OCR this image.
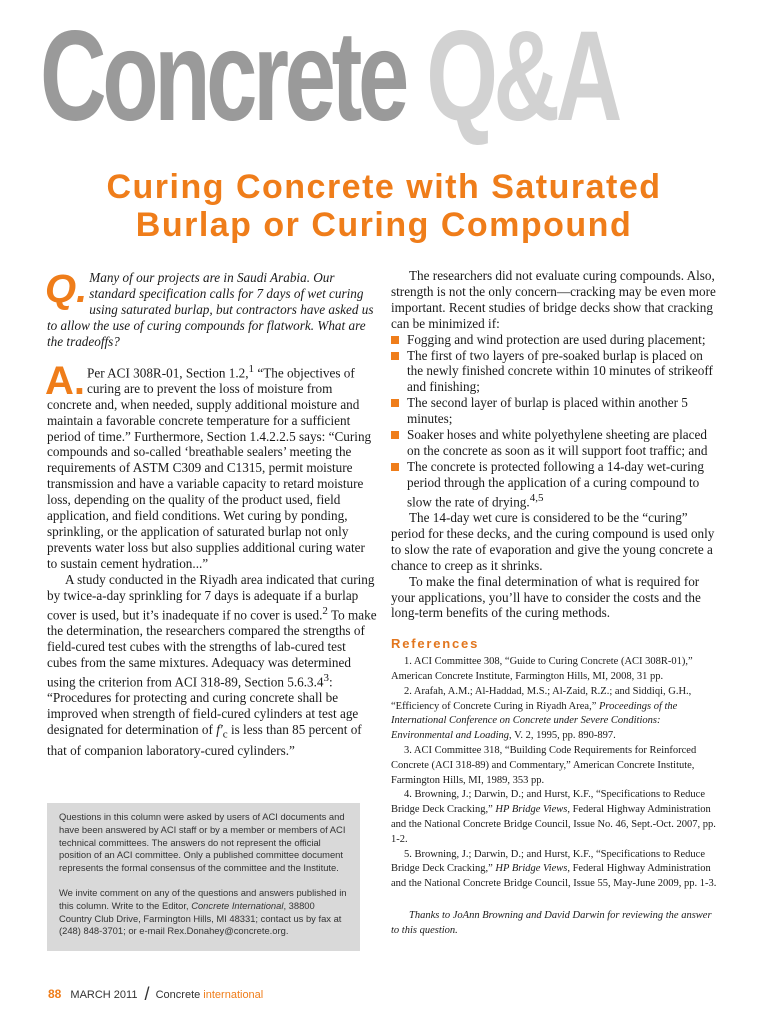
Concrete Q&A
Curing Concrete with Saturated
Burlap or Curing Compound

Q. Many of our projects are in Saudi Arabia. Our standard specification calls for 7 days of wet curing using saturated burlap, but contractors have asked us to allow the use of curing compounds for flatwork. What are the tradeoffs?

A. Per ACI 308R-01, Section 1.2,$^1$ “The objectives of curing are to prevent the loss of moisture from concrete and, when needed, supply additional moisture and maintain a favorable concrete temperature for a sufficient period of time.” Furthermore, Section 1.4.2.2.5 says: “Curing compounds and so-called ‘breathable sealers’ meeting the requirements of ASTM C309 and C1315, permit moisture transmission and have a variable capacity to retard moisture loss, depending on the quality of the product used, field application, and field conditions. Wet curing by ponding, sprinkling, or the application of saturated burlap not only prevents water loss but also supplies additional curing water to sustain cement hydration...”

A study conducted in the Riyadh area indicated that curing by twice-a-day sprinkling for 7 days is adequate if a burlap cover is used, but it’s inadequate if no cover is used.$^2$ To make the determination, the researchers compared the strengths of field-cured test cubes with the strengths of lab-cured test cubes from the same mixtures. Adequacy was determined using the criterion from ACI 318-89, Section 5.6.3.4$^3$: “Procedures for protecting and curing concrete shall be improved when strength of field-cured cylinders at test age designated for determination of $f'_c$ is less than 85 percent of that of companion laboratory-cured cylinders.”

The researchers did not evaluate curing compounds. Also, strength is not the only concern—cracking may be even more important. Recent studies of bridge decks show that cracking can be minimized if:

Fogging and wind protection are used during placement;
The first of two layers of pre-soaked burlap is placed on the newly finished concrete within 10 minutes of strikeoff and finishing;
The second layer of burlap is placed within another 5 minutes;
Soaker hoses and white polyethylene sheeting are placed on the concrete as soon as it will support foot traffic; and
The concrete is protected following a 14-day wet-curing period through the application of a curing compound to slow the rate of drying.$^{4,5}$

The 14-day wet cure is considered to be the “curing” period for these decks, and the curing compound is used only to slow the rate of evaporation and give the young concrete a chance to creep as it shrinks.

To make the final determination of what is required for your applications, you’ll have to consider the costs and the long-term benefits of the curing methods.

References

1. ACI Committee 308, “Guide to Curing Concrete (ACI 308R-01),” American Concrete Institute, Farmington Hills, MI, 2008, 31 pp.

2. Arafah, A.M.; Al-Haddad, M.S.; Al-Zaid, R.Z.; and Siddiqi, G.H., “Efficiency of Concrete Curing in Riyadh Area,” Proceedings of the International Conference on Concrete under Severe Conditions: Environmental and Loading, V. 2, 1995, pp. 890-897.

3. ACI Committee 318, “Building Code Requirements for Reinforced Concrete (ACI 318-89) and Commentary,” American Concrete Institute, Farmington Hills, MI, 1989, 353 pp.

4. Browning, J.; Darwin, D.; and Hurst, K.F., “Specifications to Reduce Bridge Deck Cracking,” HP Bridge Views, Federal Highway Administration and the National Concrete Bridge Council, Issue No. 46, Sept.-Oct. 2007, pp. 1-2.

5. Browning, J.; Darwin, D.; and Hurst, K.F., “Specifications to Reduce Bridge Deck Cracking,” HP Bridge Views, Federal Highway Administration and the National Concrete Bridge Council, Issue 55, May-June 2009, pp. 1-3.

Thanks to JoAnn Browning and David Darwin for reviewing the answer to this question.

Questions in this column were asked by users of ACI documents and have been answered by ACI staff or by a member or members of ACI technical committees. The answers do not represent the official position of an ACI committee. Only a published committee document represents the formal consensus of the committee and the Institute.

We invite comment on any of the questions and answers published in this column. Write to the Editor, Concrete International, 38800 Country Club Drive, Farmington Hills, MI 48331; contact us by fax at (248) 848-3701; or e-mail Rex.Donahey@concrete.org.

88 MARCH 2011 / Concrete international
